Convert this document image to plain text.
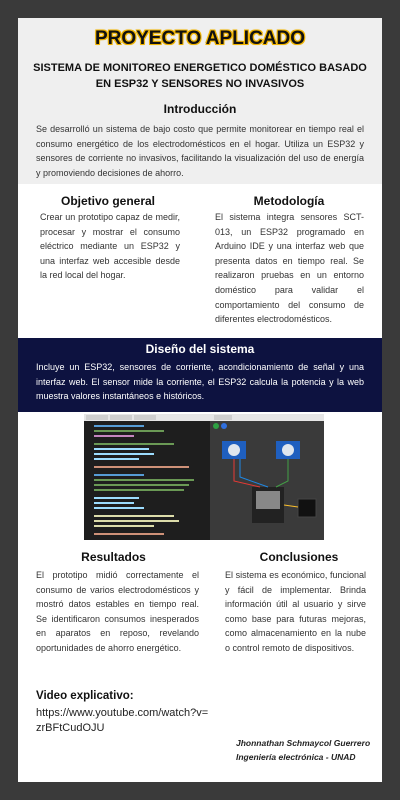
PROYECTO APLICADO
SISTEMA DE MONITOREO ENERGETICO DOMÉSTICO BASADO EN ESP32 Y SENSORES NO INVASIVOS
Introducción
Se desarrolló un sistema de bajo costo que permite monitorear en tiempo real el consumo energético de los electrodomésticos en el hogar. Utiliza un ESP32 y sensores de corriente no invasivos, facilitando la visualización del uso de energía y promoviendo decisiones de ahorro.
Objetivo general
Crear un prototipo capaz de medir, procesar y mostrar el consumo eléctrico mediante un ESP32 y una interfaz web accesible desde la red local del hogar.
Metodología
El sistema integra sensores SCT-013, un ESP32 programado en Arduino IDE y una interfaz web que presenta datos en tiempo real. Se realizaron pruebas en un entorno doméstico para validar el comportamiento del consumo de diferentes electrodomésticos.
Diseño del sistema
Incluye un ESP32, sensores de corriente, acondicionamiento de señal y una interfaz web. El sensor mide la corriente, el ESP32 calcula la potencia y la web muestra valores instantáneos e históricos.
Resultados
El prototipo midió correctamente el consumo de varios electrodomésticos y mostró datos estables en tiempo real. Se identificaron consumos inesperados en aparatos en reposo, revelando oportunidades de ahorro energético.
Conclusiones
El sistema es económico, funcional y fácil de implementar. Brinda información útil al usuario y sirve como base para futuras mejoras, como almacenamiento en la nube o control remoto de dispositivos.
Video explicativo:
https://www.youtube.com/watch?v=zrBFtCudOJU
Jhonnathan Schmaycol Guerrero
Ingeniería electrónica - UNAD
